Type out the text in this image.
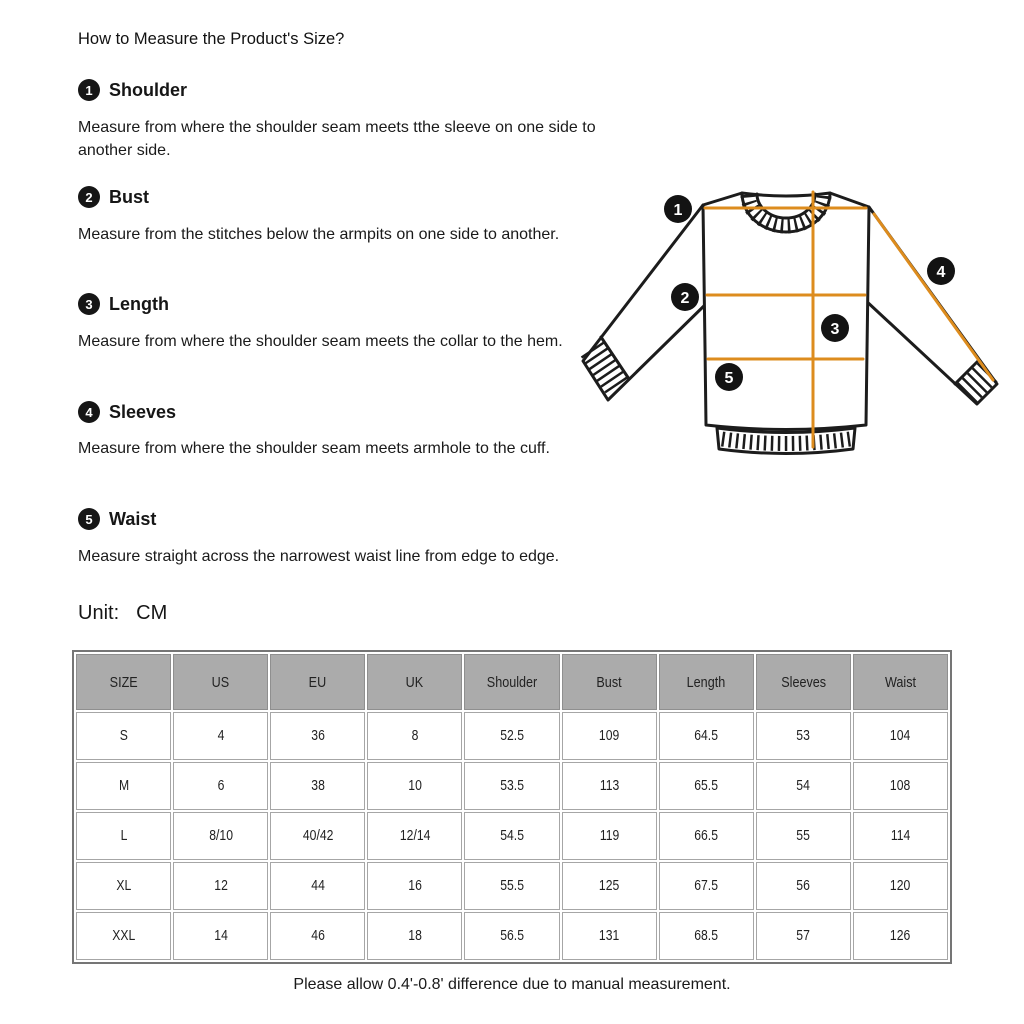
How to Measure the Product's Size?
1 Shoulder
Measure from where the shoulder seam meets tthe sleeve on one side to another side.
2 Bust
Measure from the stitches below the armpits on one side to another.
3 Length
Measure from where the shoulder seam meets the collar to the hem.
4 Sleeves
Measure from where the shoulder seam meets armhole to the cuff.
5 Waist
Measure straight across the narrowest waist line from edge to edge.
Unit: CM
1
2
3
4
5
SIZE	US	EU	UK	Shoulder	Bust	Length	Sleeves	Waist
S	4	36	8	52.5	109	64.5	53	104
M	6	38	10	53.5	113	65.5	54	108
L	8/10	40/42	12/14	54.5	119	66.5	55	114
XL	12	44	16	55.5	125	67.5	56	120
XXL	14	46	18	56.5	131	68.5	57	126
Please allow 0.4'-0.8' difference due to manual measurement.
